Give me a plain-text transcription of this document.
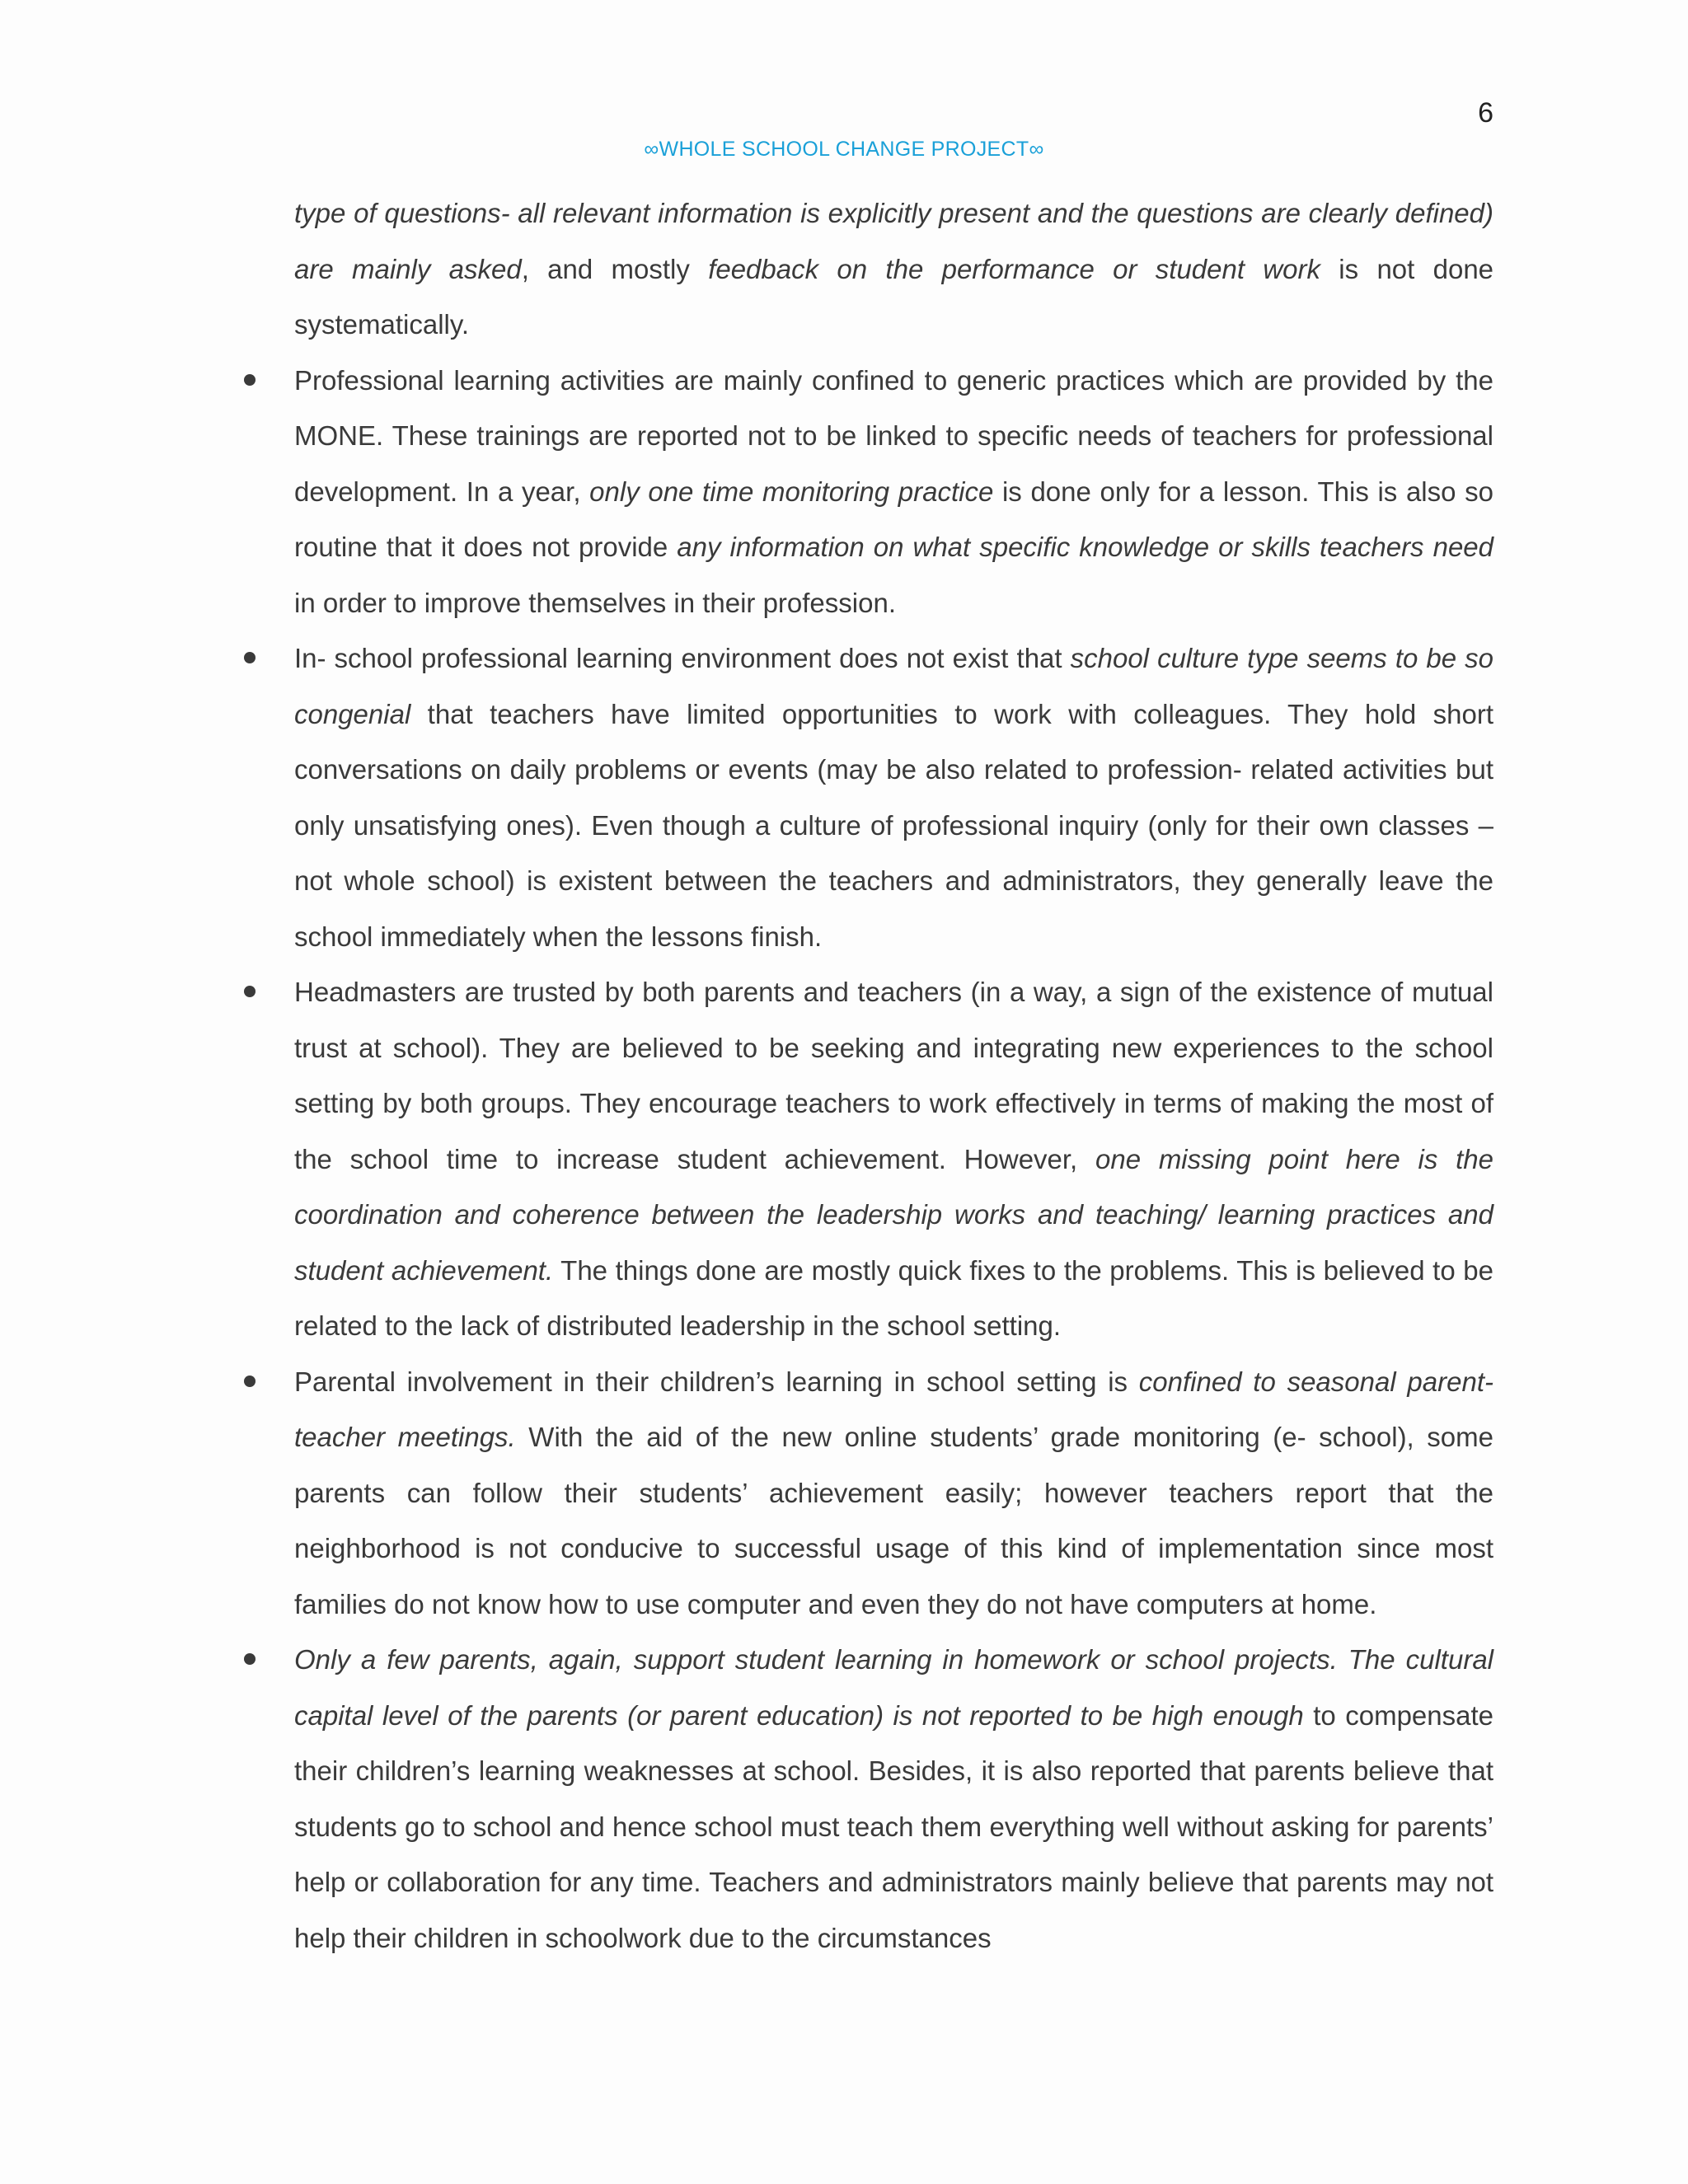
6
∞WHOLE SCHOOL CHANGE PROJECT∞

type of questions- all relevant information is explicitly present and the questions are clearly defined) are mainly asked, and mostly feedback on the performance or student work is not done systematically.

Professional learning activities are mainly confined to generic practices which are provided by the MONE. These trainings are reported not to be linked to specific needs of teachers for professional development. In a year, only one time monitoring practice is done only for a lesson. This is also so routine that it does not provide any information on what specific knowledge or skills teachers need in order to improve themselves in their profession.
In- school professional learning environment does not exist that school culture type seems to be so congenial that teachers have limited opportunities to work with colleagues. They hold short conversations on daily problems or events (may be also related to profession- related activities but only unsatisfying ones). Even though a culture of professional inquiry (only for their own classes – not whole school) is existent between the teachers and administrators, they generally leave the school immediately when the lessons finish.
Headmasters are trusted by both parents and teachers (in a way, a sign of the existence of mutual trust at school). They are believed to be seeking and integrating new experiences to the school setting by both groups. They encourage teachers to work effectively in terms of making the most of the school time to increase student achievement. However, one missing point here is the coordination and coherence between the leadership works and teaching/ learning practices and student achievement. The things done are mostly quick fixes to the problems. This is believed to be related to the lack of distributed leadership in the school setting.
Parental involvement in their children’s learning in school setting is confined to seasonal parent-teacher meetings. With the aid of the new online students’ grade monitoring (e- school), some parents can follow their students’ achievement easily; however teachers report that the neighborhood is not conducive to successful usage of this kind of implementation since most families do not know how to use computer and even they do not have computers at home.
Only a few parents, again, support student learning in homework or school projects. The cultural capital level of the parents (or parent education) is not reported to be high enough to compensate their children’s learning weaknesses at school. Besides, it is also reported that parents believe that students go to school and hence school must teach them everything well without asking for parents’ help or collaboration for any time. Teachers and administrators mainly believe that parents may not help their children in schoolwork due to the circumstances
